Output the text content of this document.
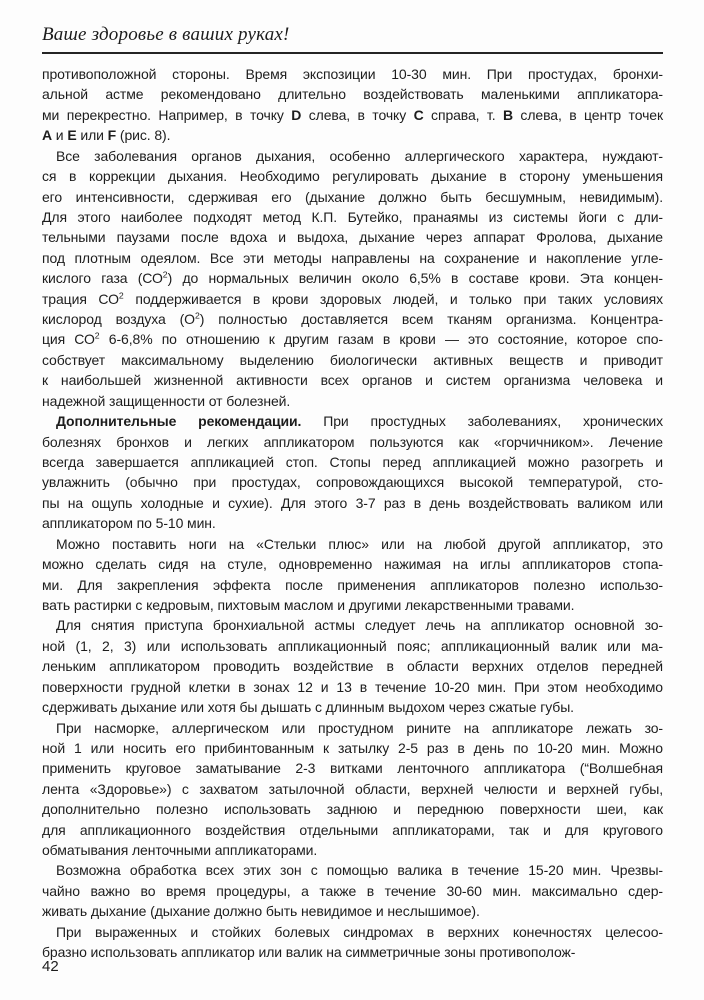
Ваше здоровье в ваших руках!
противоположной стороны. Время экспозиции 10-30 мин. При простудах, бронхи-
альной астме рекомендовано длительно воздействовать маленькими аппликатора-
ми перекрестно. Например, в точку D слева, в точку C справа, т. B слева, в центр точек
A и E или F (рис. 8).
Все заболевания органов дыхания, особенно аллергического характера, нуждают-
ся в коррекции дыхания. Необходимо регулировать дыхание в сторону уменьшения
его интенсивности, сдерживая его (дыхание должно быть бесшумным, невидимым).
Для этого наиболее подходят метод К.П. Бутейко, пранаямы из системы йоги с дли-
тельными паузами после вдоха и выдоха, дыхание через аппарат Фролова, дыхание
под плотным одеялом. Все эти методы направлены на сохранение и накопление угле-
кислого газа $(СО^2)$ до нормальных величин около 6,5% в составе крови. Эта концен-
трация $СО^2$ поддерживается в крови здоровых людей, и только при таких условиях
кислород воздуха $(О^2)$ полностью доставляется всем тканям организма. Концентра-
ция $СО^2$ 6-6,8% по отношению к другим газам в крови — это состояние, которое спо-
собствует максимальному выделению биологически активных веществ и приводит
к наибольшей жизненной активности всех органов и систем организма человека и
надежной защищенности от болезней.
Дополнительные рекомендации. При простудных заболеваниях, хронических
болезнях бронхов и легких аппликатором пользуются как «горчичником». Лечение
всегда завершается аппликацией стоп. Стопы перед аппликацией можно разогреть и
увлажнить (обычно при простудах, сопровождающихся высокой температурой, сто-
пы на ощупь холодные и сухие). Для этого 3-7 раз в день воздействовать валиком или
аппликатором по 5-10 мин.
Можно поставить ноги на «Стельки плюс» или на любой другой аппликатор, это
можно сделать сидя на стуле, одновременно нажимая на иглы аппликаторов стопа-
ми. Для закрепления эффекта после применения аппликаторов полезно использо-
вать растирки с кедровым, пихтовым маслом и другими лекарственными травами.
Для снятия приступа бронхиальной астмы следует лечь на аппликатор основной зо-
ной (1, 2, 3) или использовать аппликационный пояс; аппликационный валик или ма-
леньким аппликатором проводить воздействие в области верхних отделов передней
поверхности грудной клетки в зонах 12 и 13 в течение 10-20 мин. При этом необходимо
сдерживать дыхание или хотя бы дышать с длинным выдохом через сжатые губы.
При насморке, аллергическом или простудном рините на аппликаторе лежать зо-
ной 1 или носить его прибинтованным к затылку 2-5 раз в день по 10-20 мин. Можно
применить круговое заматывание 2-3 витками ленточного аппликатора (“Волшебная
лента «Здоровье») с захватом затылочной области, верхней челюсти и верхней губы,
дополнительно полезно использовать заднюю и переднюю поверхности шеи, как
для аппликационного воздействия отдельными аппликаторами, так и для кругового
обматывания ленточными аппликаторами.
Возможна обработка всех этих зон с помощью валика в течение 15-20 мин. Чрезвы-
чайно важно во время процедуры, а также в течение 30-60 мин. максимально сдер-
живать дыхание (дыхание должно быть невидимое и неслышимое).
При выраженных и стойких болевых синдромах в верхних конечностях целесоо-
бразно использовать аппликатор или валик на симметричные зоны противополож-
42
